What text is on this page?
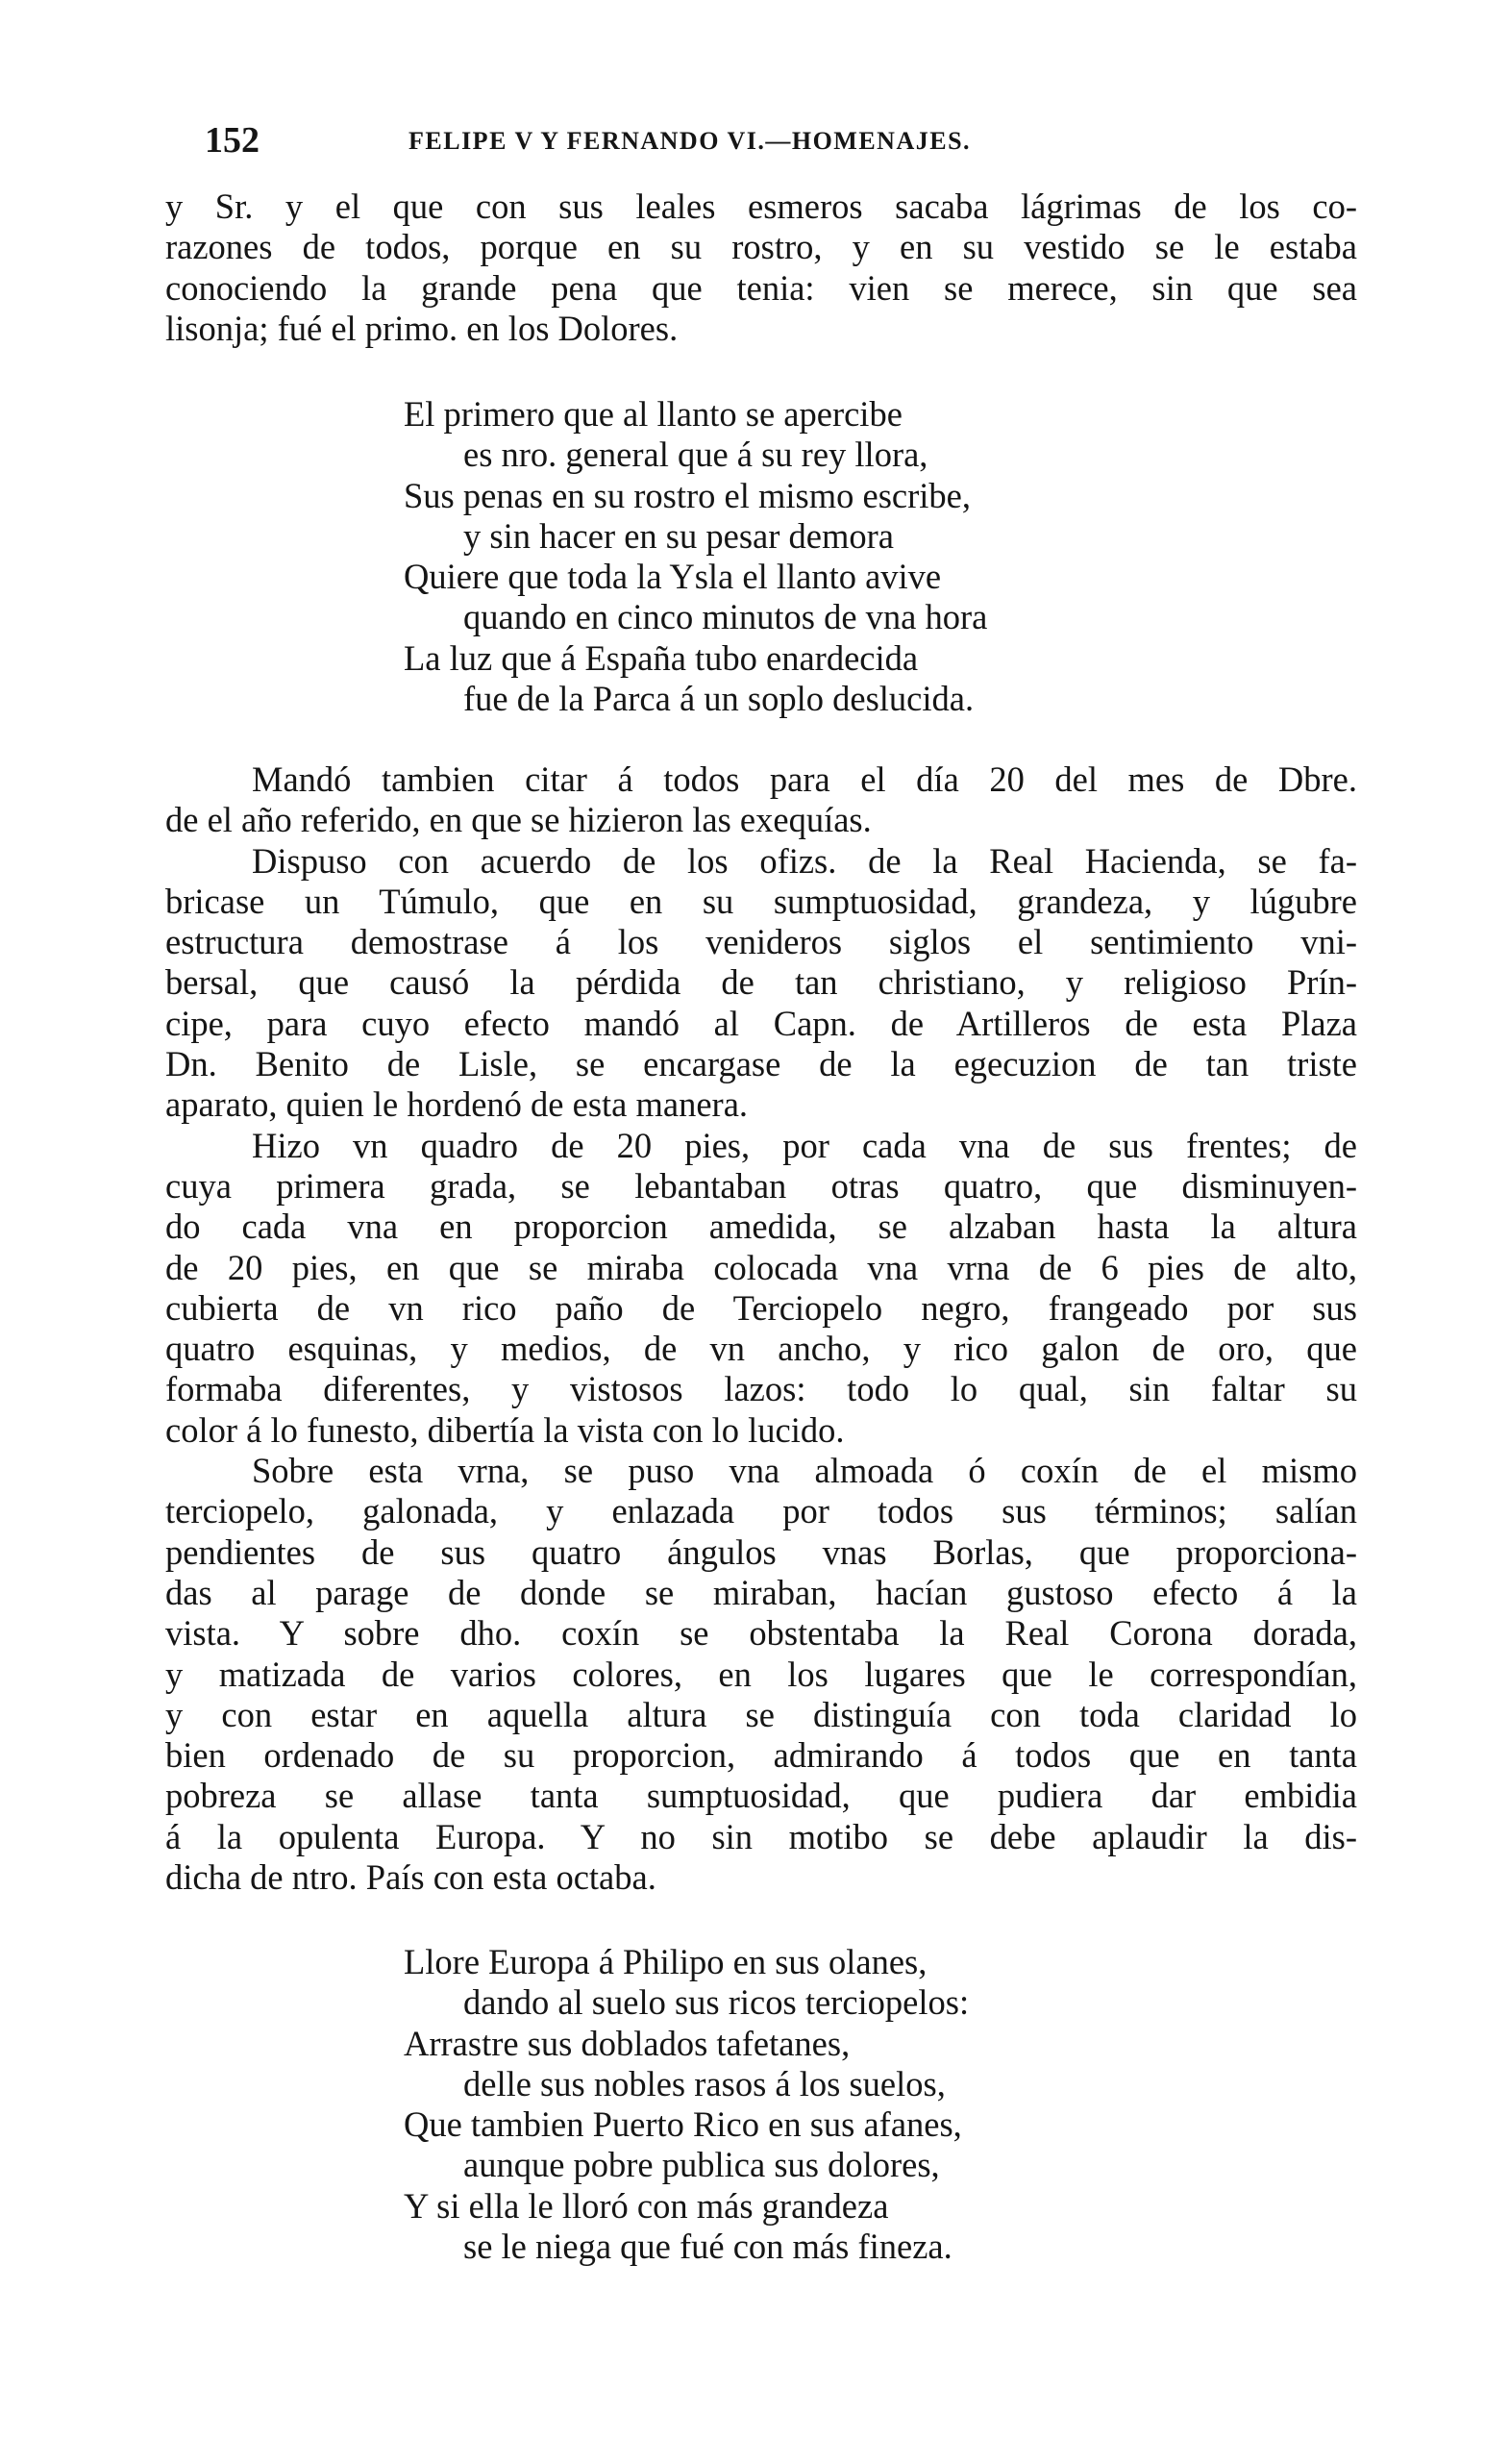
152	FELIPE V Y FERNANDO VI.—HOMENAJES.

y Sr. y el que con sus leales esmeros sacaba lágrimas de los co-
razones de todos, porque en su rostro, y en su vestido se le estaba
conociendo la grande pena que tenia: vien se merece, sin que sea
lisonja; fué el primo. en los Dolores.

El primero que al llanto se apercibe
es nro. general que á su rey llora,
Sus penas en su rostro el mismo escribe,
y sin hacer en su pesar demora
Quiere que toda la Ysla el llanto avive
quando en cinco minutos de vna hora
La luz que á España tubo enardecida
fue de la Parca á un soplo deslucida.

Mandó tambien citar á todos para el día 20 del mes de Dbre.
de el año referido, en que se hizieron las exequías.
Dispuso con acuerdo de los ofizs. de la Real Hacienda, se fa-
bricase un Túmulo, que en su sumptuosidad, grandeza, y lúgubre
estructura demostrase á los venideros siglos el sentimiento vni-
bersal, que causó la pérdida de tan christiano, y religioso Prín-
cipe, para cuyo efecto mandó al Capn. de Artilleros de esta Plaza
Dn. Benito de Lisle, se encargase de la egecuzion de tan triste
aparato, quien le hordenó de esta manera.
Hizo vn quadro de 20 pies, por cada vna de sus frentes; de
cuya primera grada, se lebantaban otras quatro, que disminuyen-
do cada vna en proporcion amedida, se alzaban hasta la altura
de 20 pies, en que se miraba colocada vna vrna de 6 pies de alto,
cubierta de vn rico paño de Terciopelo negro, frangeado por sus
quatro esquinas, y medios, de vn ancho, y rico galon de oro, que
formaba diferentes, y vistosos lazos: todo lo qual, sin faltar su
color á lo funesto, dibertía la vista con lo lucido.
Sobre esta vrna, se puso vna almoada ó coxín de el mismo
terciopelo, galonada, y enlazada por todos sus términos; salían
pendientes de sus quatro ángulos vnas Borlas, que proporciona-
das al parage de donde se miraban, hacían gustoso efecto á la
vista. Y sobre dho. coxín se obstentaba la Real Corona dorada,
y matizada de varios colores, en los lugares que le correspondían,
y con estar en aquella altura se distinguía con toda claridad lo
bien ordenado de su proporcion, admirando á todos que en tanta
pobreza se allase tanta sumptuosidad, que pudiera dar embidia
á la opulenta Europa. Y no sin motibo se debe aplaudir la dis-
dicha de ntro. País con esta octaba.

Llore Europa á Philipo en sus olanes,
dando al suelo sus ricos terciopelos:
Arrastre sus doblados tafetanes,
delle sus nobles rasos á los suelos,
Que tambien Puerto Rico en sus afanes,
aunque pobre publica sus dolores,
Y si ella le lloró con más grandeza
se le niega que fué con más fineza.
